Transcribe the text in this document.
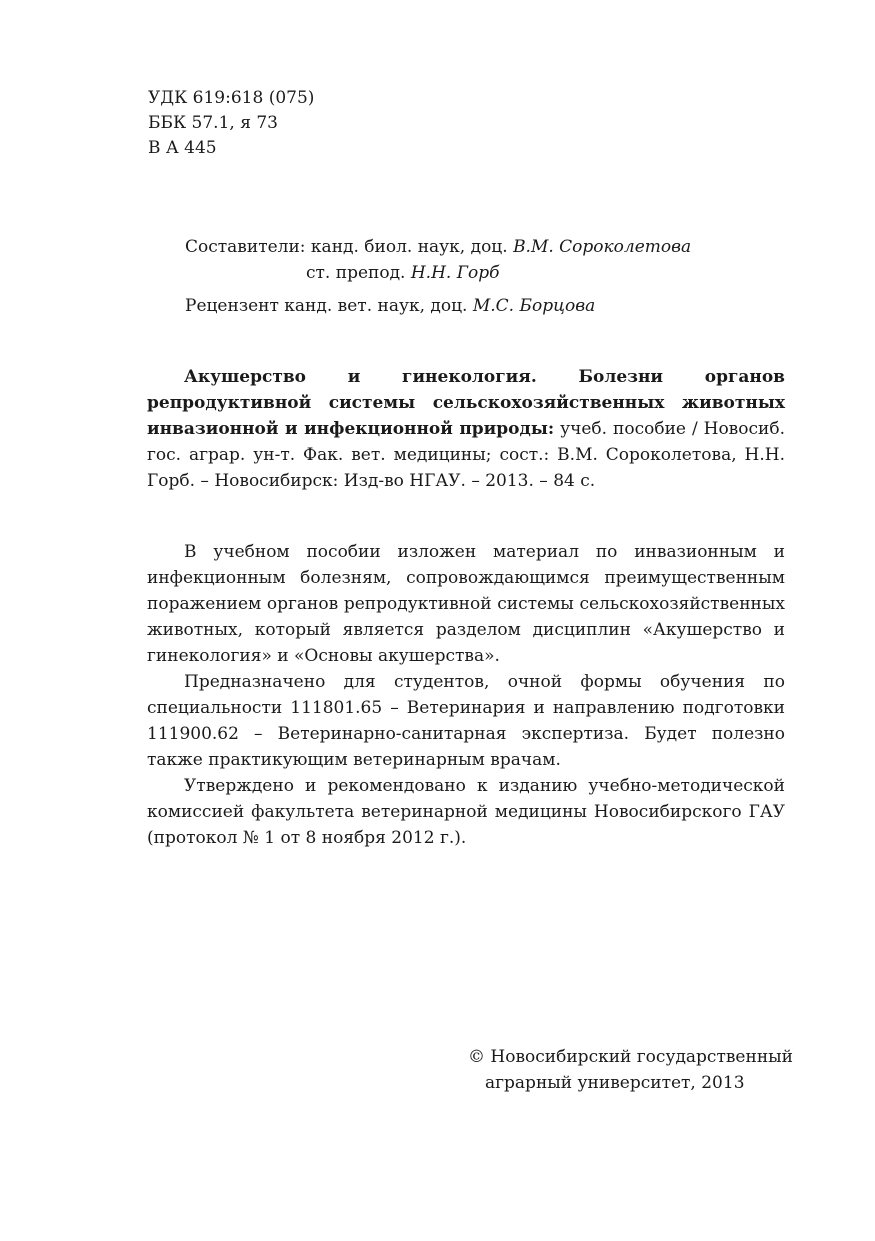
УДК 619:618 (075)
ББК 57.1, я 73
В А 445
Составители: канд. биол. наук, доц. В.М. Сороколетова
ст. препод. Н.Н. Горб
Рецензент канд. вет. наук, доц. М.С. Борцова
Акушерство и гинекология. Болезни органов репродуктивной системы сельскохозяйственных животных инвазионной и инфекционной природы: учеб. пособие / Новосиб. гос. аграр. ун-т. Фак. вет. медицины; сост.: В.М. Сороколетова, Н.Н. Горб. – Новосибирск: Изд-во НГАУ. – 2013. – 84 с.

В учебном пособии изложен материал по инвазионным и инфекционным болезням, сопровождающимся преимущественным поражением органов репродуктивной системы сельскохозяйственных животных, который является разделом дисциплин «Акушерство и гинекология» и «Основы акушерства».

Предназначено для студентов, очной формы обучения по специальности 111801.65 – Ветеринария и направлению подготовки 111900.62 – Ветеринарно-санитарная экспертиза. Будет полезно также практикующим ветеринарным врачам.

Утверждено и рекомендовано к изданию учебно-методической комиссией факультета ветеринарной медицины Новосибирского ГАУ (протокол № 1 от 8 ноября 2012 г.).

© Новосибирский государственный
аграрный университет, 2013
